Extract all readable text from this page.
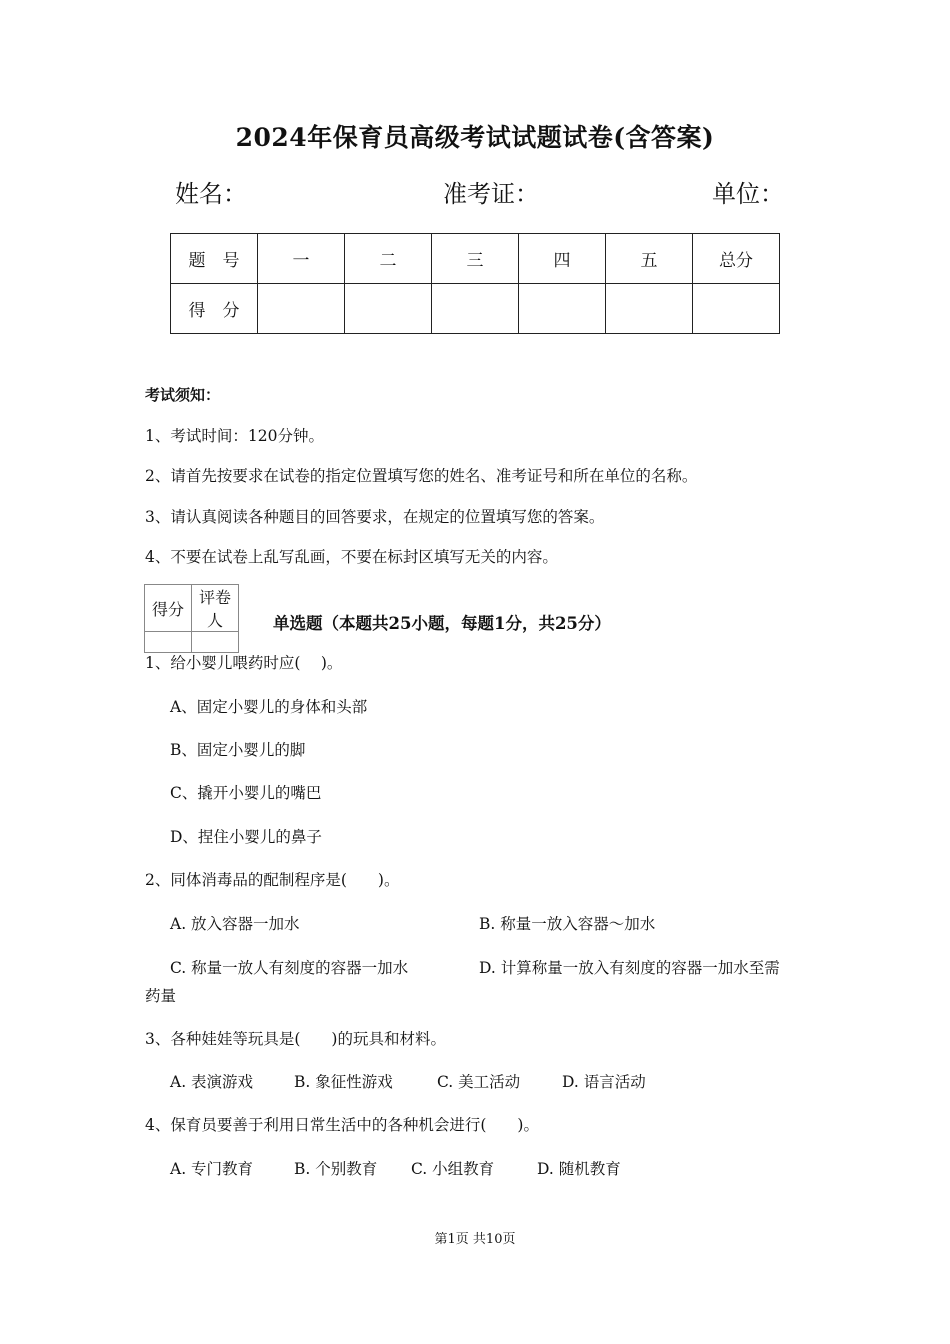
2024年保育员高级考试试题试卷(含答案)
姓名：	准考证：	单位：
题　号	一	二	三	四	五	总分
得　分						
考试须知：
1、考试时间：120分钟。
2、请首先按要求在试卷的指定位置填写您的姓名、准考证号和所在单位的名称。
3、请认真阅读各种题目的回答要求，在规定的位置填写您的答案。
4、不要在试卷上乱写乱画，不要在标封区填写无关的内容。
得分	评卷人
		单选题（本题共25小题，每题1分，共25分）
1、给小婴儿喂药时应(　 )。
A、固定小婴儿的身体和头部
B、固定小婴儿的脚
C、撬开小婴儿的嘴巴
D、捏住小婴儿的鼻子
2、同体消毒品的配制程序是(　　)。
A. 放入容器一加水	B. 称量一放入容器～加水
C. 称量一放人有刻度的容器一加水	D. 计算称量一放入有刻度的容器一加水至需
药量
3、各种娃娃等玩具是(　　)的玩具和材料。
A. 表演游戏	B. 象征性游戏	C. 美工活动	D. 语言活动
4、保育员要善于利用日常生活中的各种机会进行(　　)。
A. 专门教育	B. 个别教育 C. 小组教育	D. 随机教育
第1页 共10页
